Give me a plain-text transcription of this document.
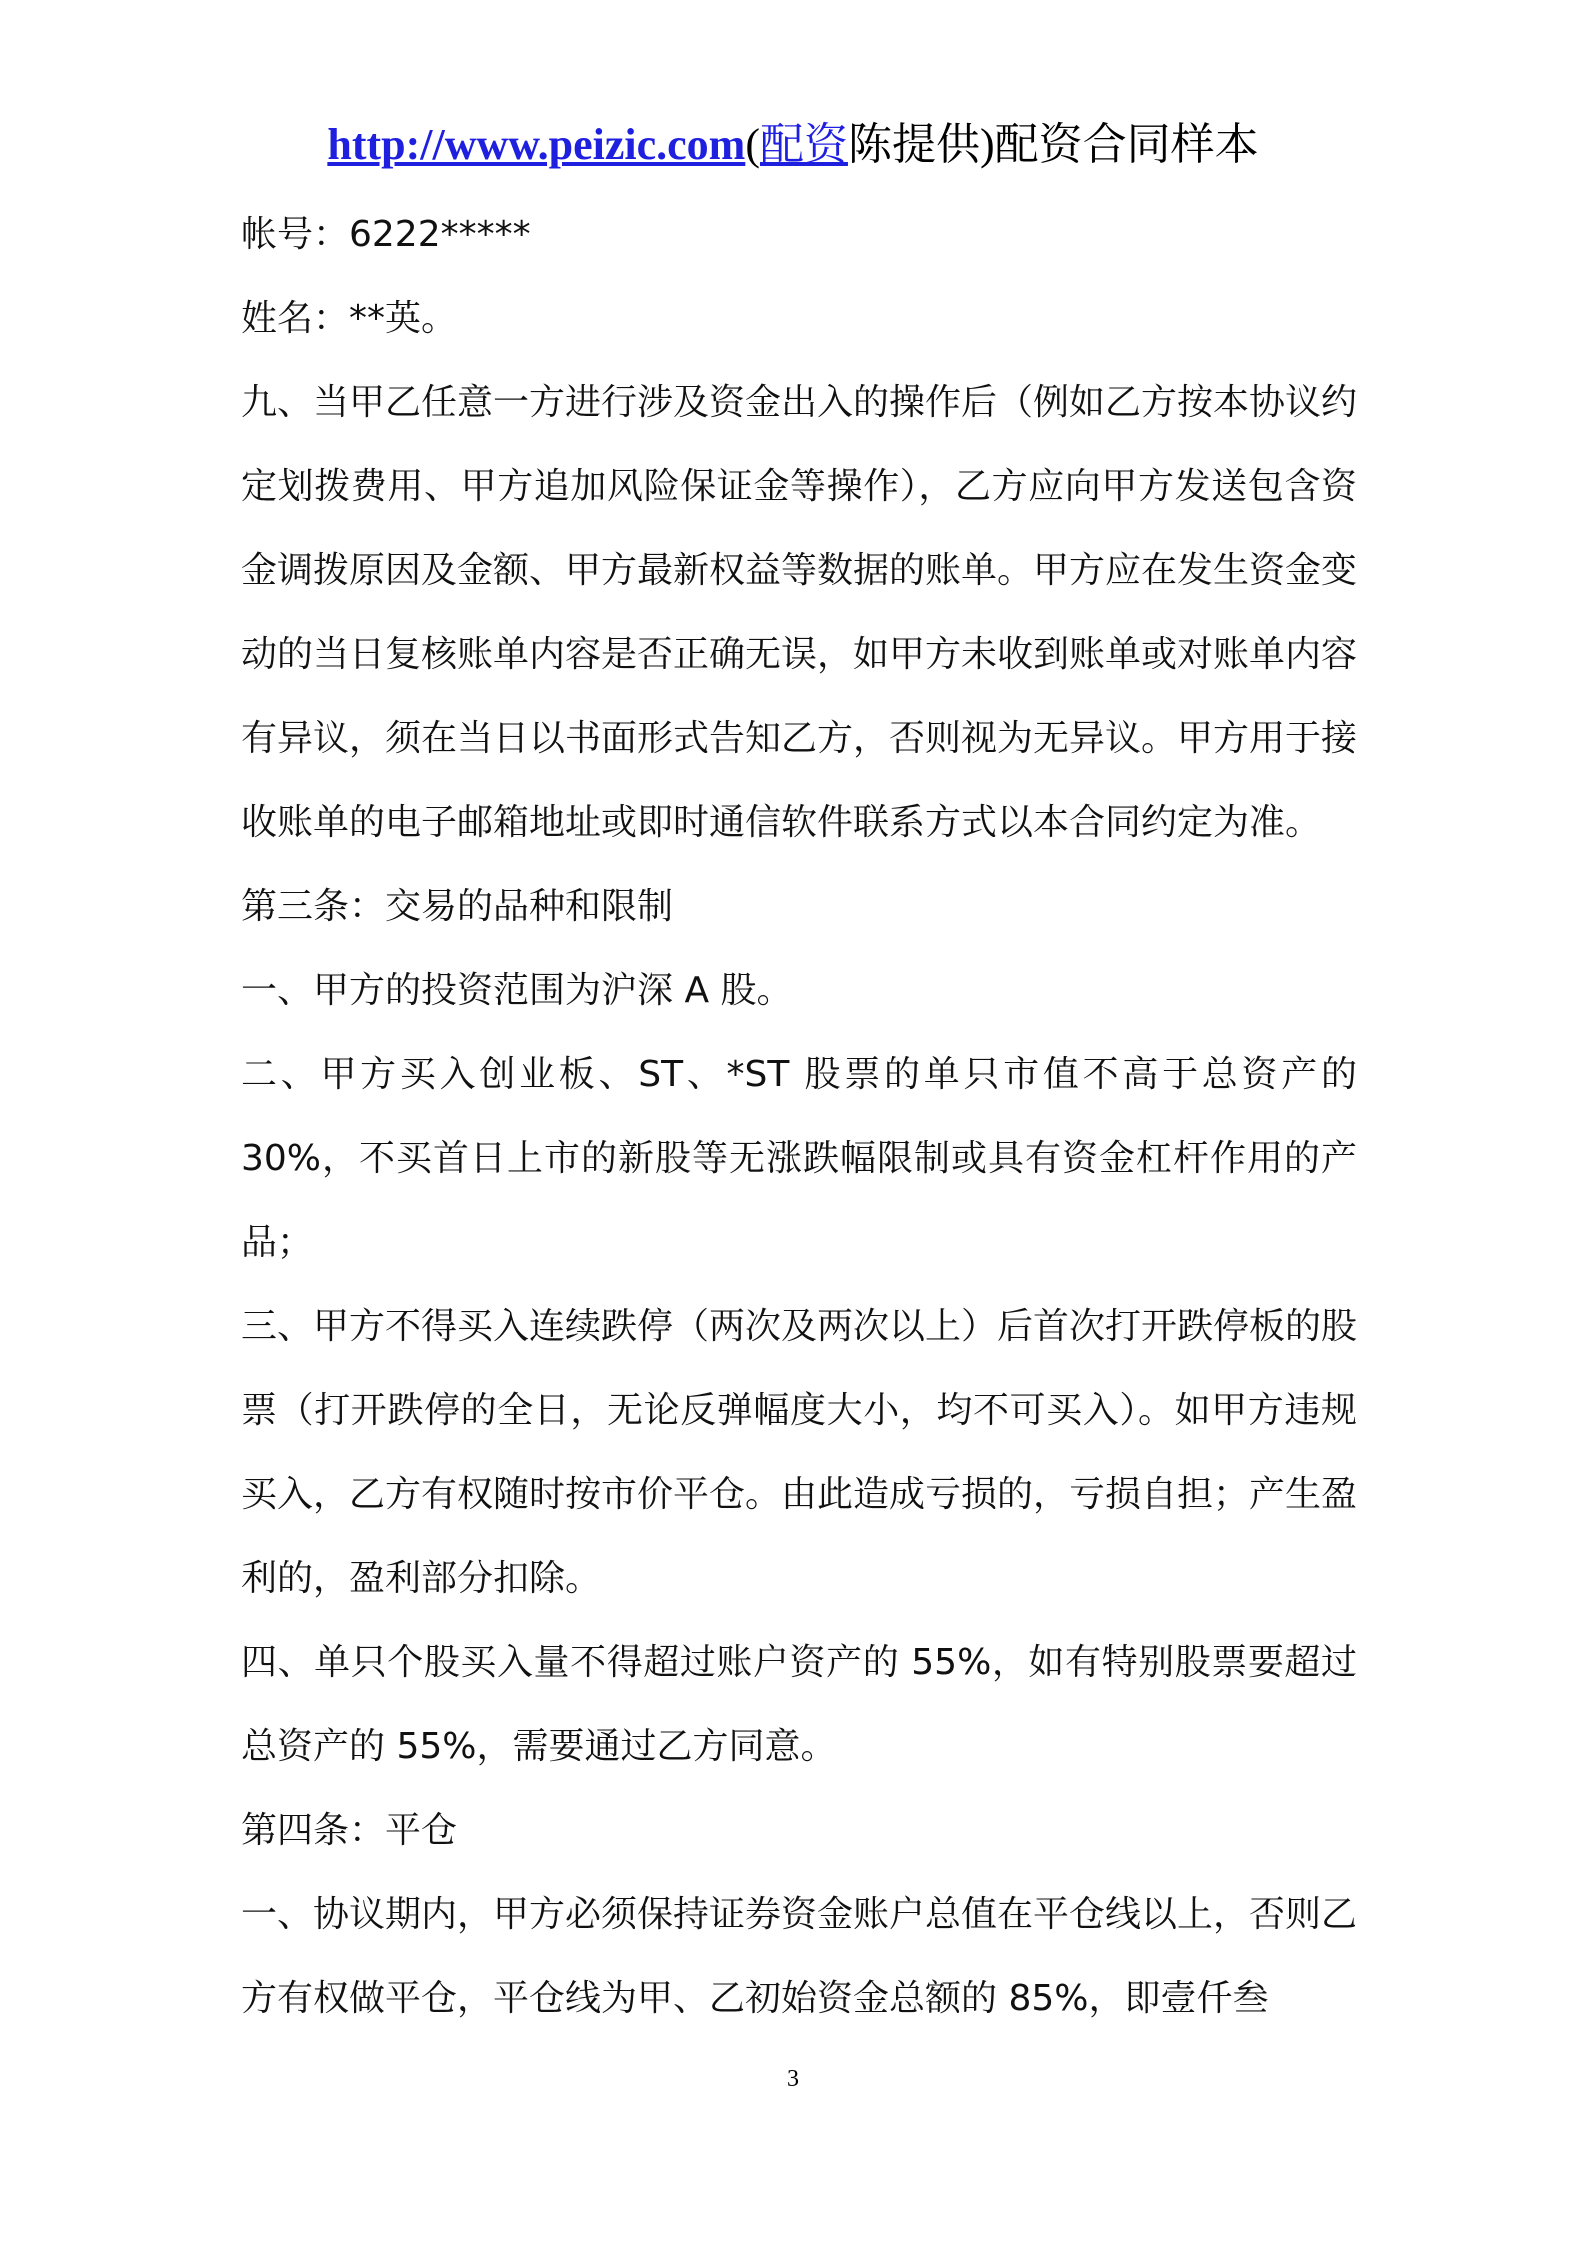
http://www.peizic.com(配资陈提供)配资合同样本

帐号：6222*****

姓名：**英。

九、当甲乙任意一方进行涉及资金出入的操作后（例如乙方按本协议约定划拨费用、甲方追加风险保证金等操作），乙方应向甲方发送包含资金调拨原因及金额、甲方最新权益等数据的账单。甲方应在发生资金变动的当日复核账单内容是否正确无误，如甲方未收到账单或对账单内容有异议，须在当日以书面形式告知乙方，否则视为无异议。甲方用于接收账单的电子邮箱地址或即时通信软件联系方式以本合同约定为准。

第三条：交易的品种和限制

一、甲方的投资范围为沪深 A 股。

二、甲方买入创业板、ST、*ST 股票的单只市值不高于总资产的 30%，不买首日上市的新股等无涨跌幅限制或具有资金杠杆作用的产品；

三、甲方不得买入连续跌停（两次及两次以上）后首次打开跌停板的股票（打开跌停的全日，无论反弹幅度大小，均不可买入）。如甲方违规买入，乙方有权随时按市价平仓。由此造成亏损的，亏损自担；产生盈利的，盈利部分扣除。

四、单只个股买入量不得超过账户资产的 55%，如有特别股票要超过总资产的 55%，需要通过乙方同意。

第四条：平仓

一、协议期内，甲方必须保持证券资金账户总值在平仓线以上，否则乙方有权做平仓，平仓线为甲、乙初始资金总额的 85%，即壹仟叁

3
